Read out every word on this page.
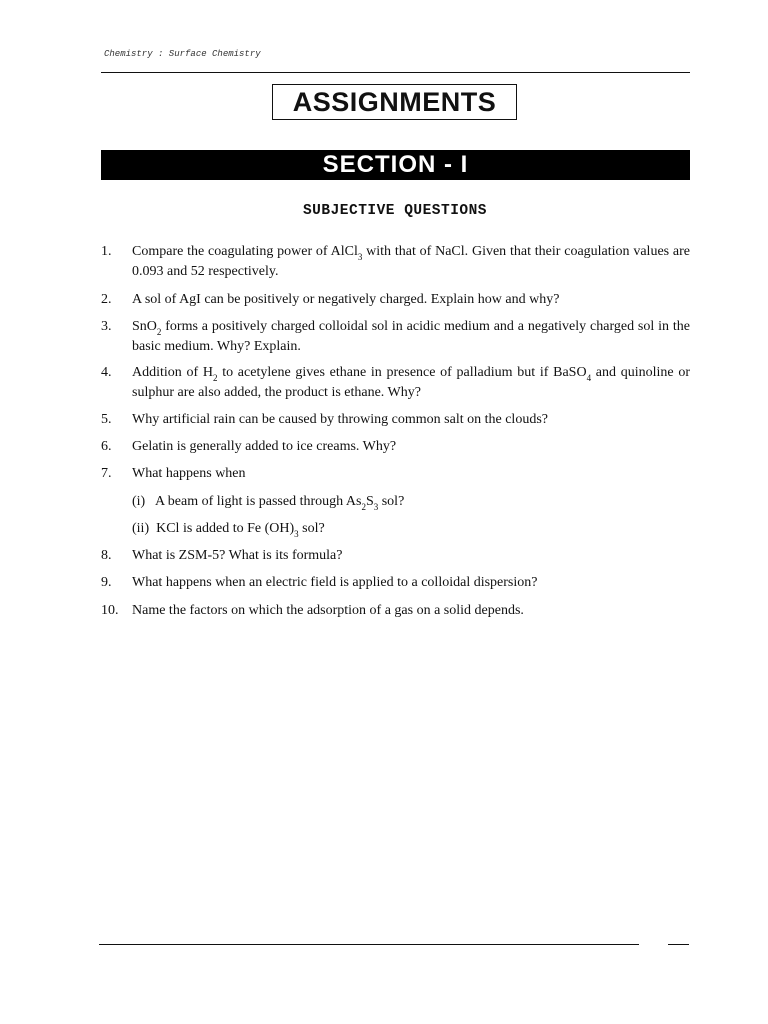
Chemistry : Surface Chemistry
ASSIGNMENTS
SECTION - I
SUBJECTIVE QUESTIONS
1.	Compare the coagulating power of AlCl$_3$ with that of NaCl. Given that their coagulation values are 0.093 and 52 respectively.
2.	A sol of AgI can be positively or negatively charged. Explain how and why?
3.	SnO$_2$ forms a positively charged colloidal sol in acidic medium and a negatively charged sol in the basic medium. Why? Explain.
4.	Addition of $H_2$ to acetylene gives ethane in presence of palladium but if BaSO$_4$ and quinoline or sulphur are also added, the product is ethane. Why?
5.	Why artificial rain can be caused by throwing common salt on the clouds?
6.	Gelatin is generally added to ice creams. Why?
7.	What happens when
(i)   A beam of light is passed through $As_2S_3$ sol?
(ii)  KCl is added to Fe $(OH)_3$ sol?
8.	What is ZSM-5? What is its formula?
9.	What happens when an electric field is applied to a colloidal dispersion?
10. Name the factors on which the adsorption of a gas on a solid depends.
